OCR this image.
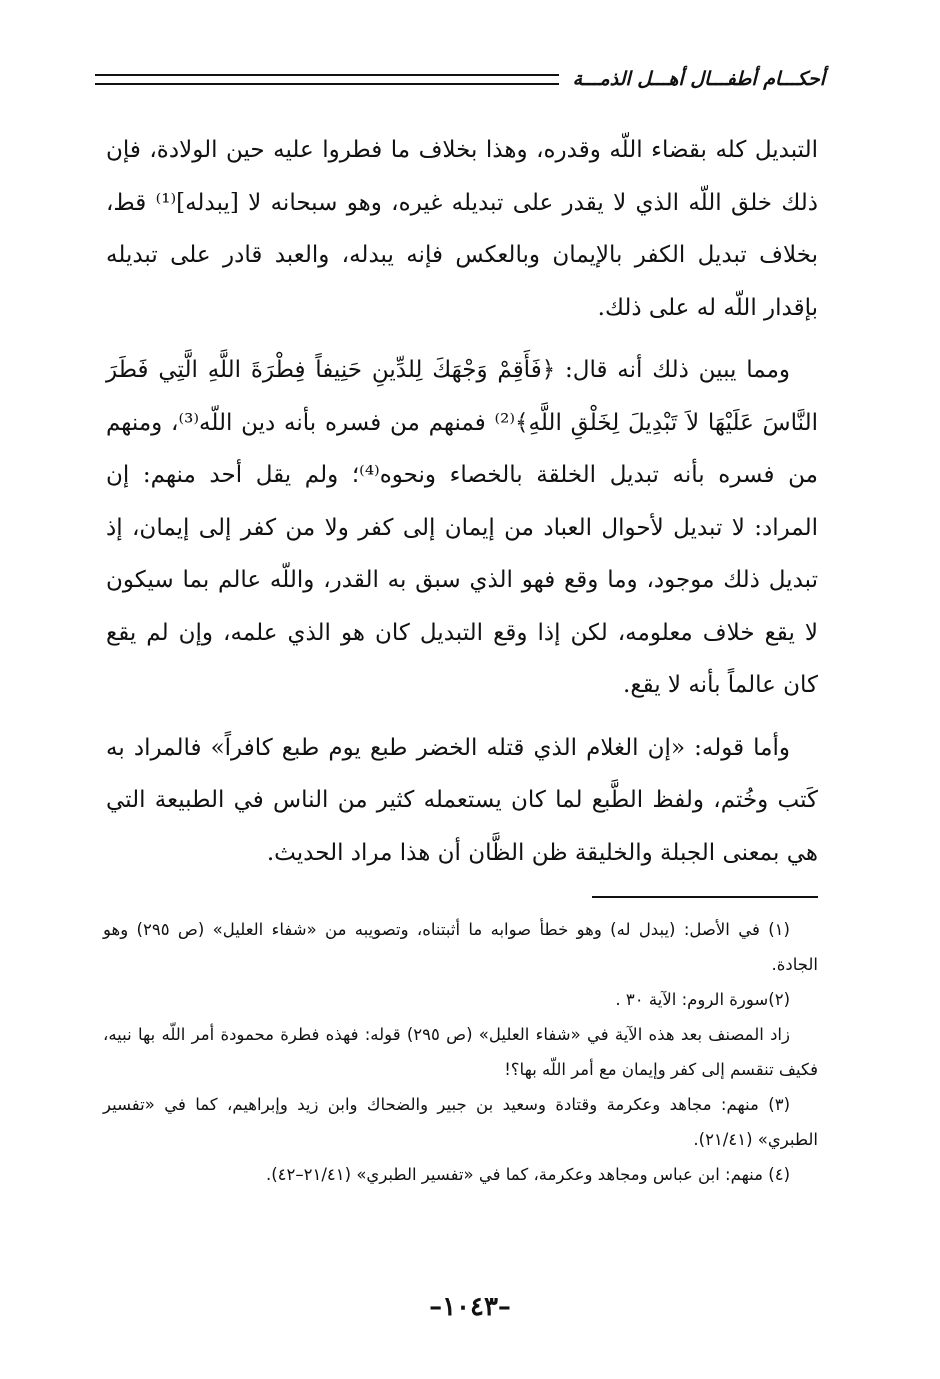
أحكـــام أطفـــال أهـــل الذمـــة

التبديل كله بقضاء اللّه وقدره، وهذا بخلاف ما فطروا عليه حين الولادة، فإن ذلك خلق اللّه الذي لا يقدر على تبديله غيره، وهو سبحانه لا [يبدله]⁽¹⁾ قط، بخلاف تبديل الكفر بالإيمان وبالعكس فإنه يبدله، والعبد قادر على تبديله بإقدار اللّه له على ذلك.

ومما يبين ذلك أنه قال: ﴿فَأَقِمْ وَجْهَكَ لِلدِّينِ حَنِيفاً فِطْرَةَ اللَّهِ الَّتِي فَطَرَ النَّاسَ عَلَيْهَا لاَ تَبْدِيلَ لِخَلْقِ اللَّهِ﴾⁽²⁾ فمنهم من فسره بأنه دين اللّه⁽³⁾، ومنهم من فسره بأنه تبديل الخلقة بالخصاء ونحوه⁽⁴⁾؛ ولم يقل أحد منهم: إن المراد: لا تبديل لأحوال العباد من إيمان إلى كفر ولا من كفر إلى إيمان، إذ تبديل ذلك موجود، وما وقع فهو الذي سبق به القدر، واللّه عالم بما سيكون لا يقع خلاف معلومه، لكن إذا وقع التبديل كان هو الذي علمه، وإن لم يقع كان عالماً بأنه لا يقع.

وأما قوله: «إن الغلام الذي قتله الخضر طبع يوم طبع كافراً» فالمراد به كَتب وخُتم، ولفظ الطَّبع لما كان يستعمله كثير من الناس في الطبيعة التي هي بمعنى الجبلة والخليقة ظن الظَّان أن هذا مراد الحديث.

(١) في الأصل: (يبدل له) وهو خطأ صوابه ما أثبتناه، وتصويبه من «شفاء العليل» (ص ٢٩٥) وهو الجادة.

(٢)سورة الروم: الآية ٣٠ .

زاد المصنف بعد هذه الآية في «شفاء العليل» (ص ٢٩٥) قوله: فهذه فطرة محمودة أمر اللّه بها نبيه، فكيف تنقسم إلى كفر وإيمان مع أمر اللّه بها؟!

(٣) منهم: مجاهد وعكرمة وقتادة وسعيد بن جبير والضحاك وابن زيد وإبراهيم، كما في «تفسير الطبري» (٢١/٤١).

(٤) منهم: ابن عباس ومجاهد وعكرمة، كما في «تفسير الطبري» (٢١/٤١–٤٢).

–١٠٤٣–
